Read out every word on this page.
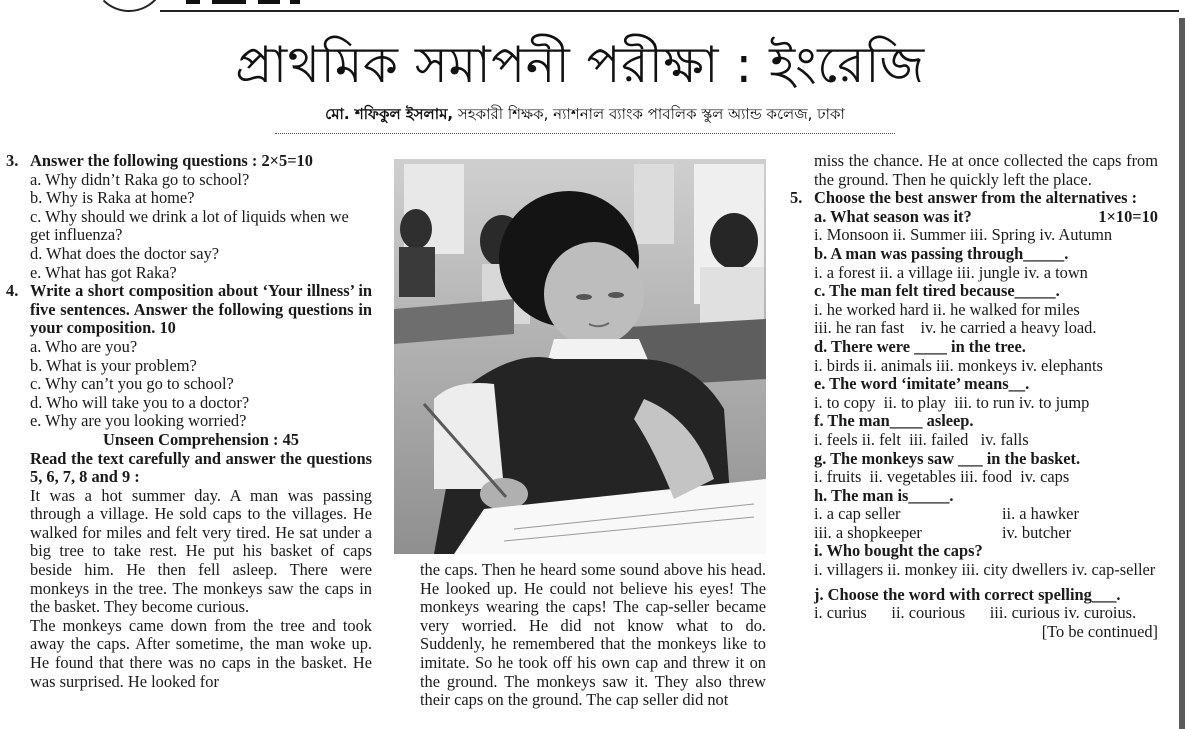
প্রাথমিক সমাপনী পরীক্ষা : ইংরেজি
মো. শফিকুল ইসলাম, সহকারী শিক্ষক, ন্যাশনাল ব্যাংক পাবলিক স্কুল অ্যান্ড কলেজ, ঢাকা
3. Answer the following questions : 2×5=10
a. Why didn’t Raka go to school?
b. Why is Raka at home?
c. Why should we drink a lot of liquids when we get influenza?
d. What does the doctor say?
e. What has got Raka?
4. Write a short composition about ‘Your illness’ in five sentences. Answer the following questions in your composition. 10
a. Who are you?
b. What is your problem?
c. Why can’t you go to school?
d. Who will take you to a doctor?
e. Why are you looking worried?
Unseen Comprehension : 45
Read the text carefully and answer the questions 5, 6, 7, 8 and 9 :
It was a hot summer day. A man was passing through a village. He sold caps to the villages. He walked for miles and felt very tired. He sat under a big tree to take rest. He put his basket of caps beside him. He then fell asleep. There were monkeys in the tree. The monkeys saw the caps in the basket. They become curious.
The monkeys came down from the tree and took away the caps. After sometime, the man woke up. He found that there was no caps in the basket. He was surprised. He looked for
the caps. Then he heard some sound above his head. He looked up. He could not believe his eyes! The monkeys wearing the caps! The cap-seller became very worried. He did not know what to do. Suddenly, he remembered that the monkeys like to imitate. So he took off his own cap and threw it on the ground. The monkeys saw it. They also threw their caps on the ground. The cap seller did not
miss the chance. He at once collected the caps from the ground. Then he quickly left the place.
5. Choose the best answer from the alternatives :
a. What season was it?	1×10=10
i. Monsoon ii. Summer iii. Spring iv. Autumn
b. A man was passing through_____.
i. a forest ii. a village iii. jungle iv. a town
c. The man felt tired because_____.
i. he worked hard ii. he walked for miles
iii. he ran fast    iv. he carried a heavy load.
d. There were ____ in the tree.
i. birds ii. animals iii. monkeys iv. elephants
e. The word ‘imitate’ means__.
i. to copy  ii. to play  iii. to run iv. to jump
f. The man____ asleep.
i. feels ii. felt  iii. failed   iv. falls
g. The monkeys saw ___ in the basket.
i. fruits  ii. vegetables iii. food  iv. caps
h. The man is_____.
i. a cap seller	ii. a hawker
iii. a shopkeeper	iv. butcher
i. Who bought the caps?
i. villagers ii. monkey iii. city dwellers iv. cap-seller
j. Choose the word with correct spelling___.
i. curius      ii. courious      iii. curious iv. curoius.
[To be continued]
